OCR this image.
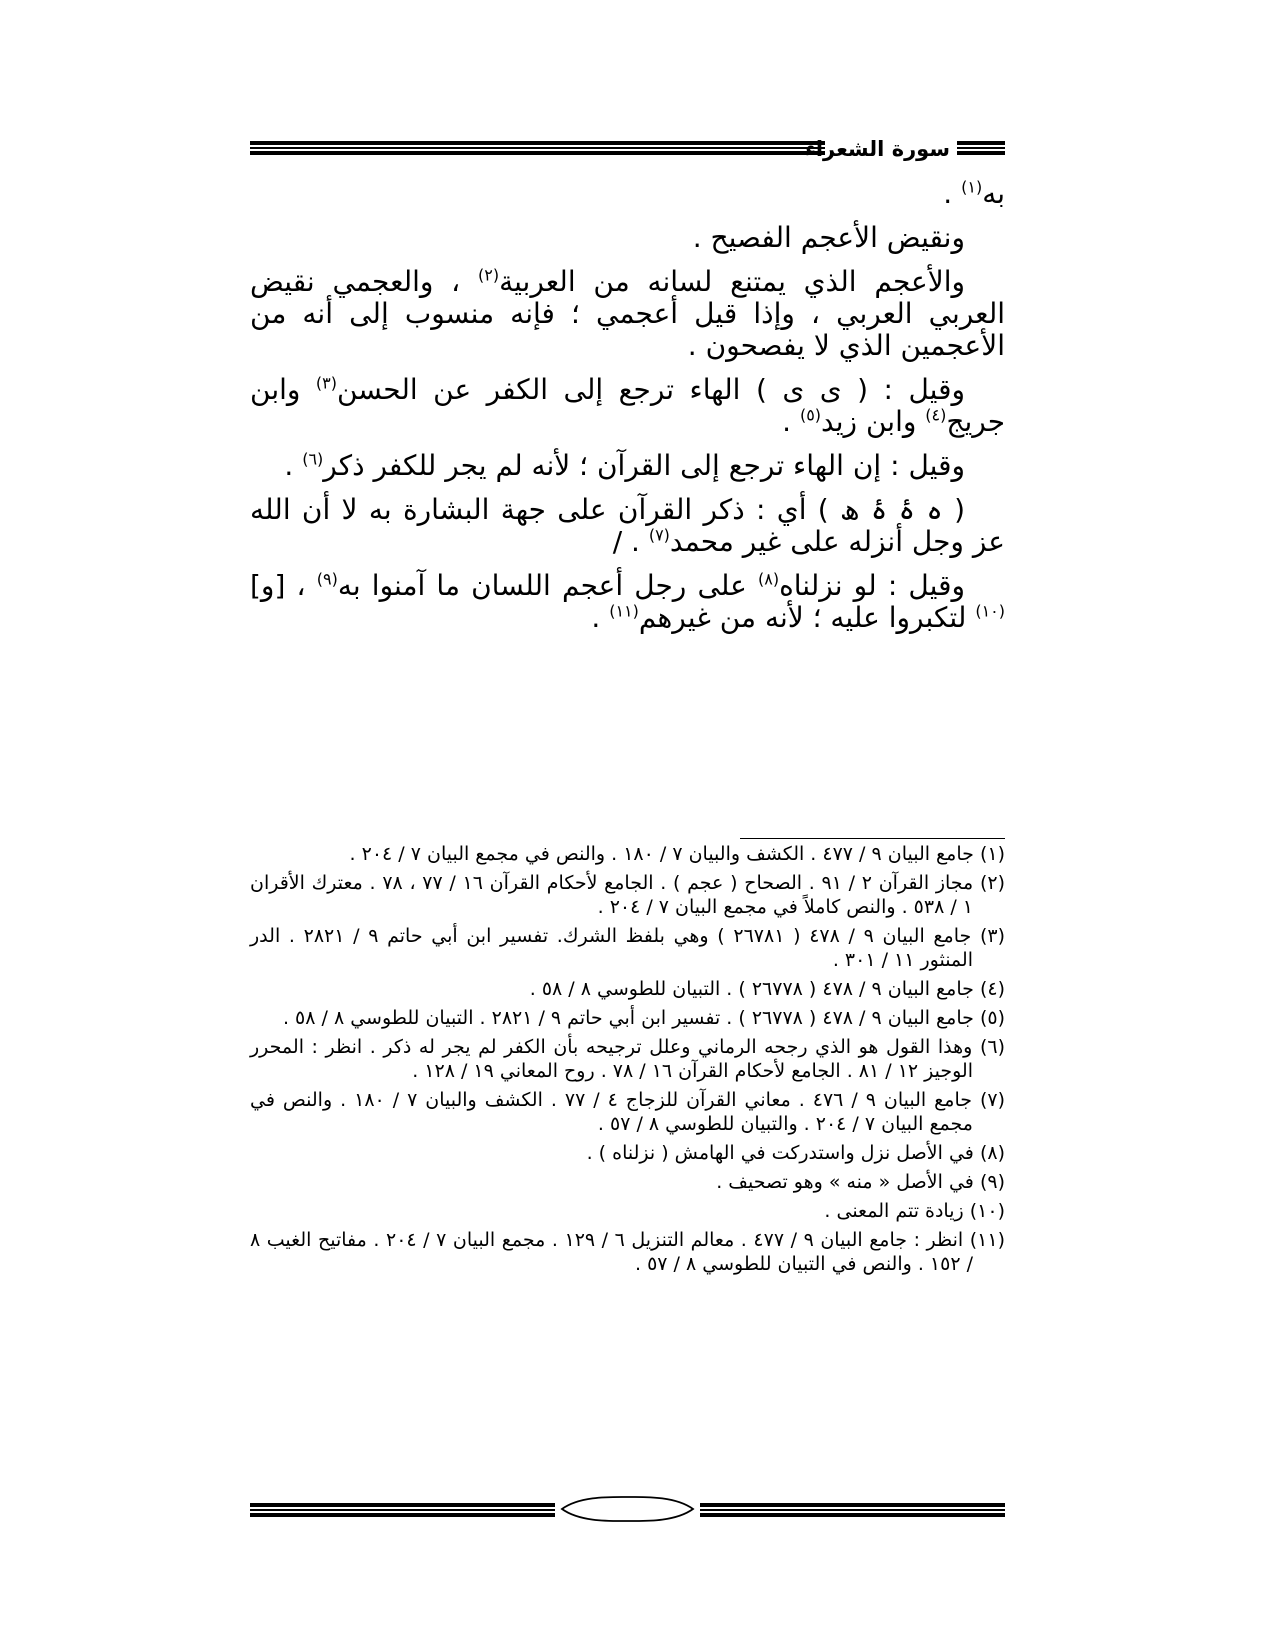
سورة الشعراء

به$^{(١)}$ .

ونقيض الأعجم الفصيح .

والأعجم الذي يمتنع لسانه من العربية$^{(٢)}$ ، والعجمي نقيض العربي العربي ، وإذا قيل أعجمي ؛ فإنه منسوب إلى أنه من الأعجمين الذي لا يفصحون .

وقيل : ( ى ى ) الهاء ترجع إلى الكفر عن الحسن$^{(٣)}$ وابن جريج$^{(٤)}$ وابن زيد$^{(٥)}$ .

وقيل : إن الهاء ترجع إلى القرآن ؛ لأنه لم يجر للكفر ذكر$^{(٦)}$ .

( ہ ۂ ۂ ھ ) أي : ذكر القرآن على جهة البشارة به لا أن الله عز وجل أنزله على غير محمد$^{(٧)}$ . /

وقيل : لو نزلناه$^{(٨)}$ على رجل أعجم اللسان ما آمنوا به$^{(٩)}$ ، [و]$^{(١٠)}$ لتكبروا عليه ؛ لأنه من غيرهم$^{(١١)}$ .

(١) جامع البيان ٩ / ٤٧٧ . الكشف والبيان ٧ / ١٨٠ . والنص في مجمع البيان ٧ / ٢٠٤ .
(٢) مجاز القرآن ٢ / ٩١ . الصحاح ( عجم ) . الجامع لأحكام القرآن ١٦ / ٧٧ ، ٧٨ . معترك الأقران ١ / ٥٣٨ . والنص كاملاً في مجمع البيان ٧ / ٢٠٤ .
(٣) جامع البيان ٩ / ٤٧٨ ( ٢٦٧٨١ ) وهي بلفظ الشرك. تفسير ابن أبي حاتم ٩ / ٢٨٢١ . الدر المنثور ١١ / ٣٠١ .
(٤) جامع البيان ٩ / ٤٧٨ ( ٢٦٧٧٨ ) . التبيان للطوسي ٨ / ٥٨ .
(٥) جامع البيان ٩ / ٤٧٨ ( ٢٦٧٧٨ ) . تفسير ابن أبي حاتم ٩ / ٢٨٢١ . التبيان للطوسي ٨ / ٥٨ .
(٦) وهذا القول هو الذي رجحه الرماني وعلل ترجيحه بأن الكفر لم يجر له ذكر . انظر : المحرر الوجيز ١٢ / ٨١ . الجامع لأحكام القرآن ١٦ / ٧٨ . روح المعاني ١٩ / ١٢٨ .
(٧) جامع البيان ٩ / ٤٧٦ . معاني القرآن للزجاج ٤ / ٧٧ . الكشف والبيان ٧ / ١٨٠ . والنص في مجمع البيان ٧ / ٢٠٤ . والتبيان للطوسي ٨ / ٥٧ .
(٨) في الأصل نزل واستدركت في الهامش ( نزلناه ) .
(٩) في الأصل « منه » وهو تصحيف .
(١٠) زيادة تتم المعنى .
(١١) انظر : جامع البيان ٩ / ٤٧٧ . معالم التنزيل ٦ / ١٢٩ . مجمع البيان ٧ / ٢٠٤ . مفاتيح الغيب ٨ / ١٥٢ . والنص في التبيان للطوسي ٨ / ٥٧ .
